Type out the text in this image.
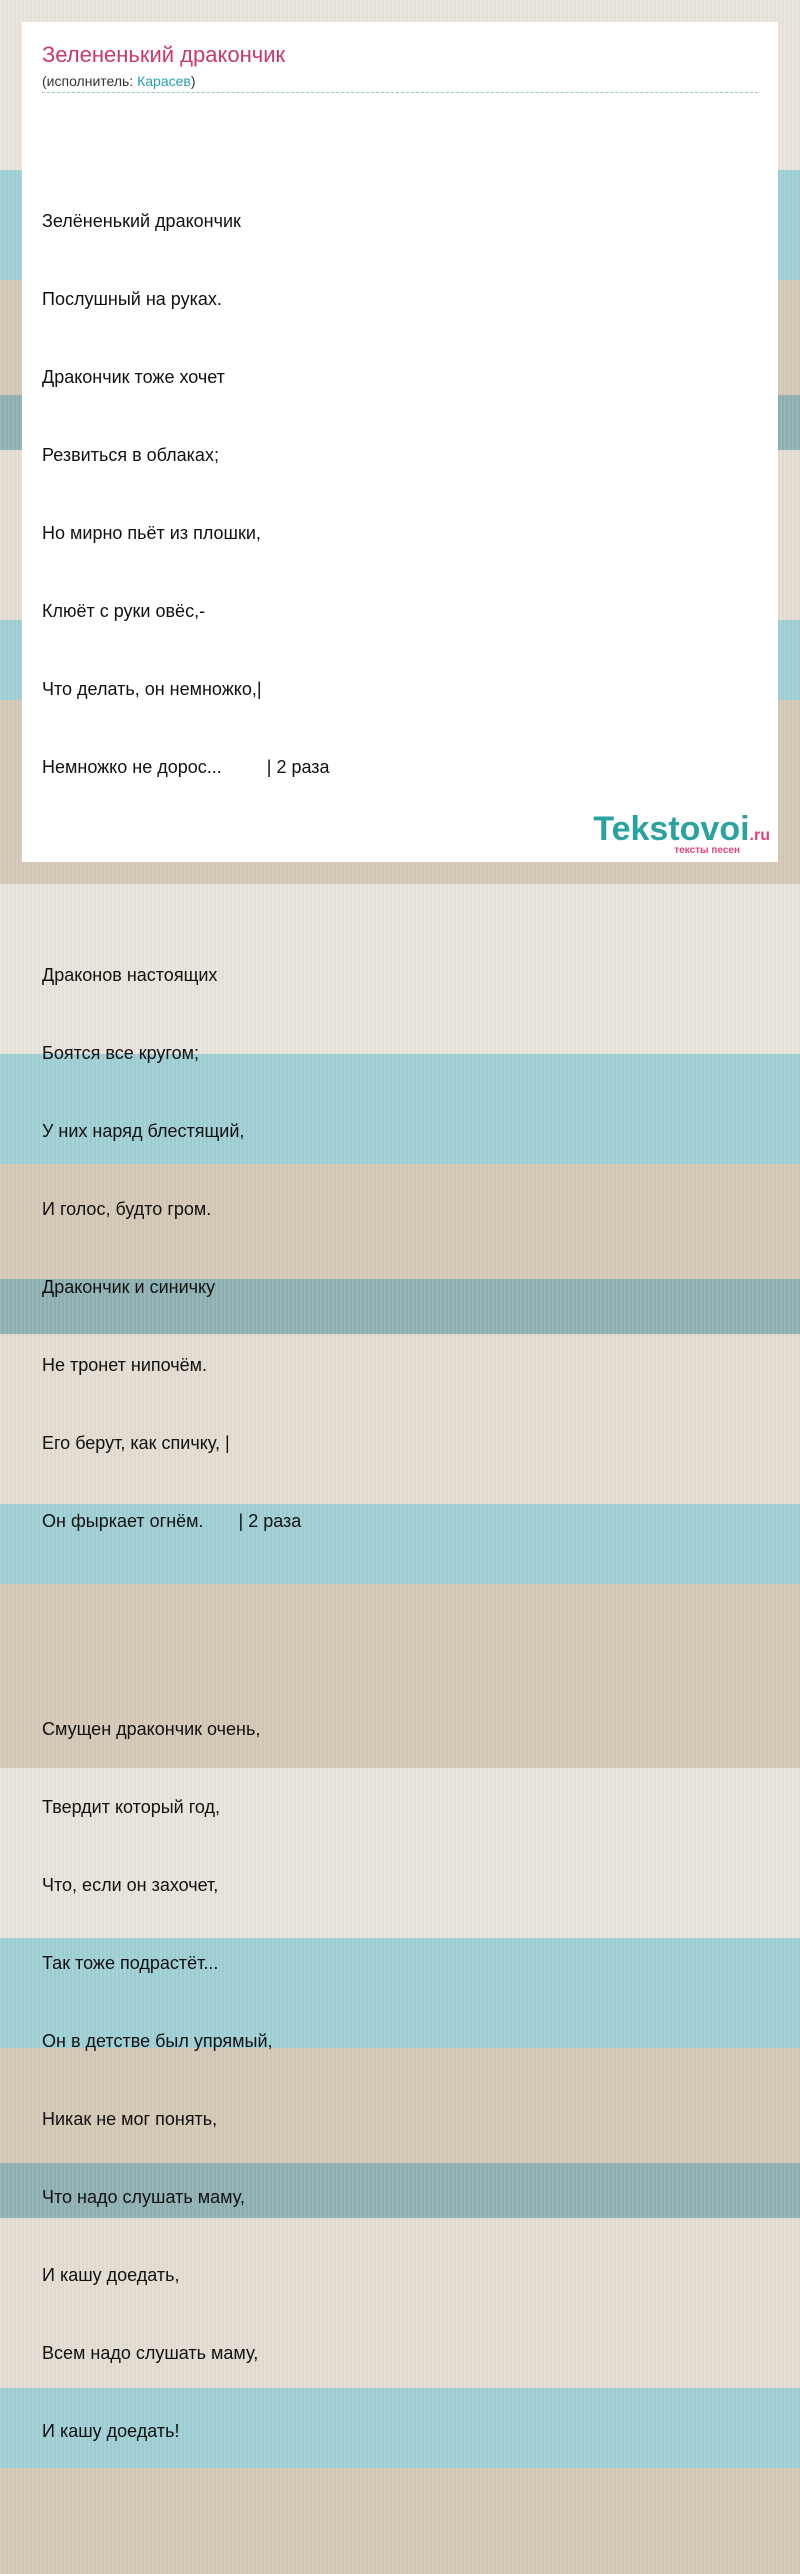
Зелененький дракончик
(исполнитель: Карасев)

Зелёненький дракончик

Послушный на руках.

Дракончик тоже хочет

Резвиться в облаках;

Но мирно пьёт из плошки,

Клюёт с руки овёс,-

Что делать, он немножко,|

Немножко не дорос...         | 2 раза

Драконов настоящих

Боятся все кругом;

У них наряд блестящий,

И голос, будто гром.

Дракончик и синичку

Не тронет нипочём.

Его берут, как спичку, |

Он фыркает огнём.       | 2 раза

Смущен дракончик очень,

Твердит который год,

Что, если он захочет,

Так тоже подрастёт...

Он в детстве был упрямый,

Никак не мог понять,

Что надо слушать маму,

И кашу доедать,

Всем надо слушать маму,

И кашу доедать!

Tekstovoi.ru
тексты песен
